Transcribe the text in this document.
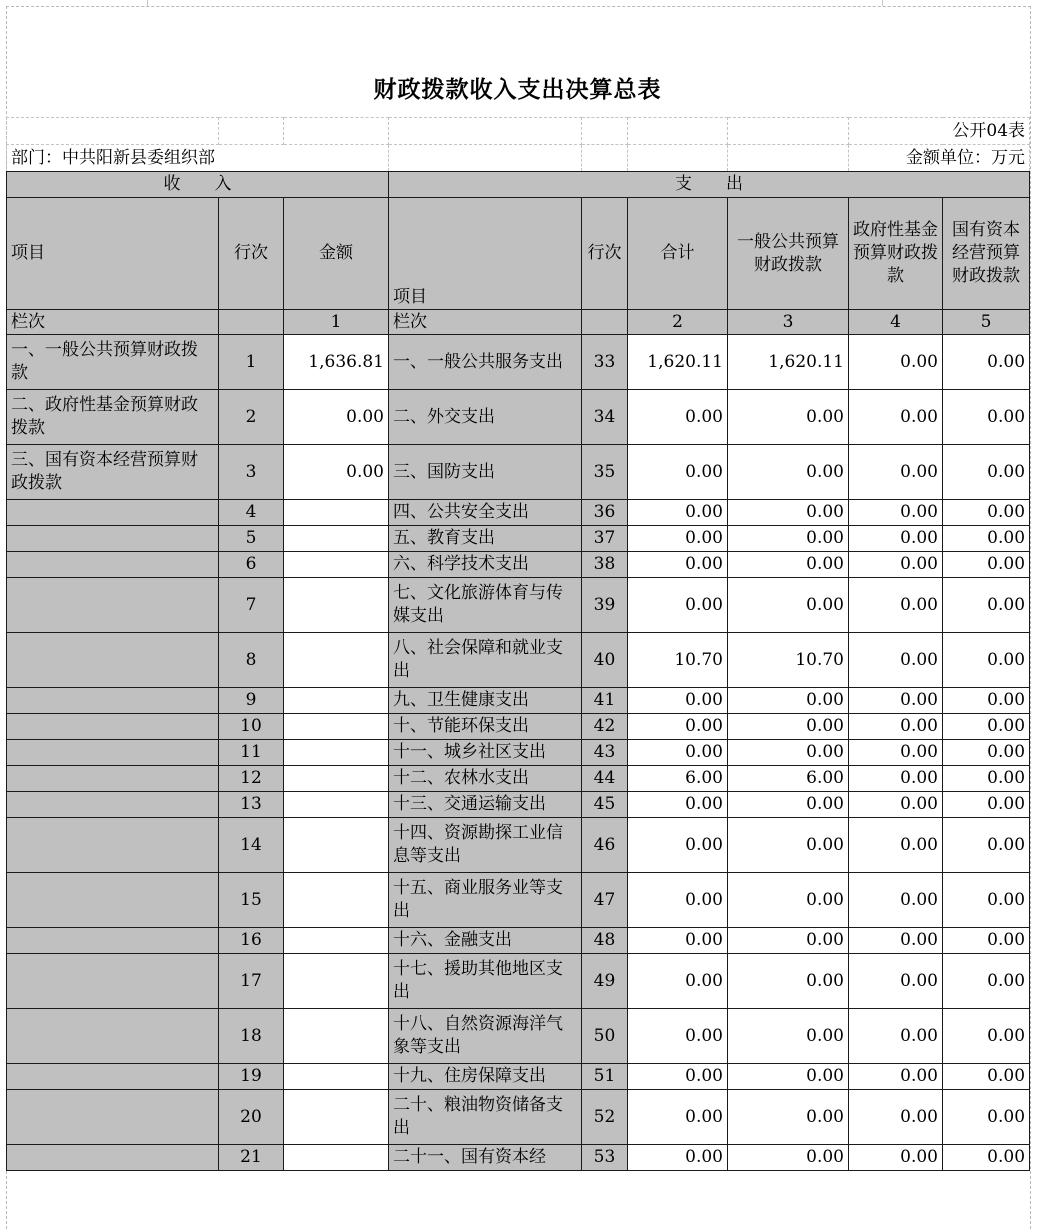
财政拨款收入支出决算总表
							公开04表	
部门：中共阳新县委组织部							金额单位：万元	
收　　入			支　　出					
项目	行次	金额	项目	行次	合计	一般公共预算财政拨款	政府性基金预算财政拨款	国有资本经营预算财政拨款
栏次		1	栏次		2	3	4	5
一、一般公共预算财政拨款	1	1,636.81	一、一般公共服务支出	33	1,620.11	1,620.11	0.00	0.00
二、政府性基金预算财政拨款	2	0.00	二、外交支出	34	0.00	0.00	0.00	0.00
三、国有资本经营预算财政拨款	3	0.00	三、国防支出	35	0.00	0.00	0.00	0.00
	4		四、公共安全支出	36	0.00	0.00	0.00	0.00
	5		五、教育支出	37	0.00	0.00	0.00	0.00
	6		六、科学技术支出	38	0.00	0.00	0.00	0.00
	7		七、文化旅游体育与传媒支出	39	0.00	0.00	0.00	0.00
	8		八、社会保障和就业支出	40	10.70	10.70	0.00	0.00
	9		九、卫生健康支出	41	0.00	0.00	0.00	0.00
	10		十、节能环保支出	42	0.00	0.00	0.00	0.00
	11		十一、城乡社区支出	43	0.00	0.00	0.00	0.00
	12		十二、农林水支出	44	6.00	6.00	0.00	0.00
	13		十三、交通运输支出	45	0.00	0.00	0.00	0.00
	14		十四、资源勘探工业信息等支出	46	0.00	0.00	0.00	0.00
	15		十五、商业服务业等支出	47	0.00	0.00	0.00	0.00
	16		十六、金融支出	48	0.00	0.00	0.00	0.00
	17		十七、援助其他地区支出	49	0.00	0.00	0.00	0.00
	18		十八、自然资源海洋气象等支出	50	0.00	0.00	0.00	0.00
	19		十九、住房保障支出	51	0.00	0.00	0.00	0.00
	20		二十、粮油物资储备支出	52	0.00	0.00	0.00	0.00
	21		二十一、国有资本经	53	0.00	0.00	0.00	0.00
